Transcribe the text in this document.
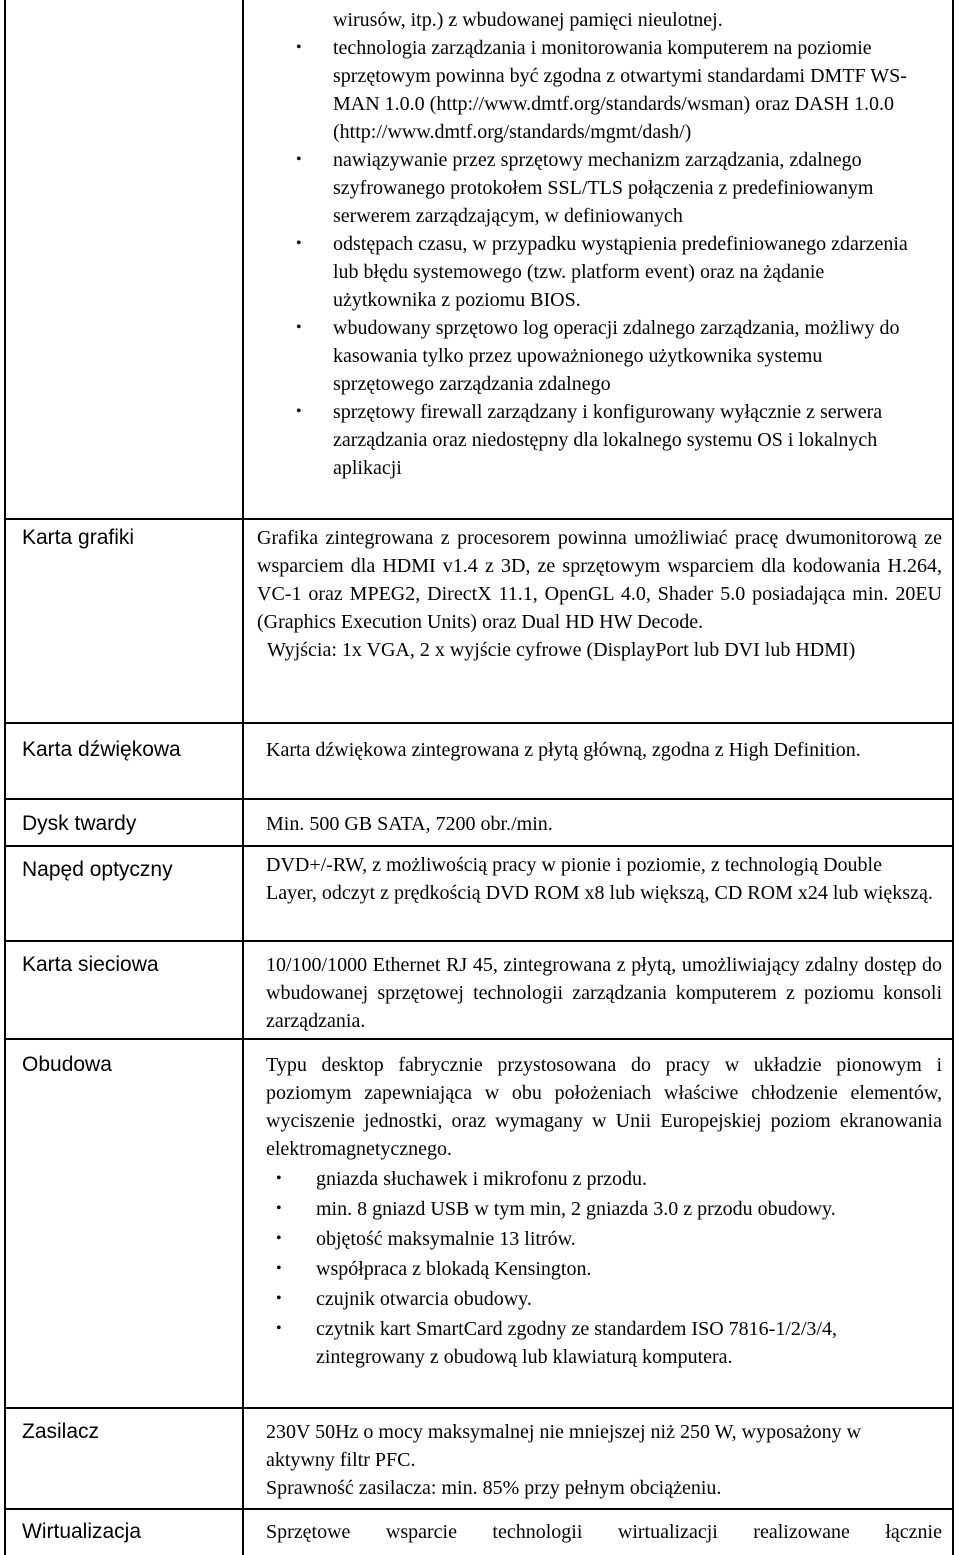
wirusów, itp.) z wbudowanej pamięci nieulotnej.

• technologia zarządzania i monitorowania komputerem na poziomie sprzętowym powinna być zgodna z otwartymi standardami DMTF WS-MAN 1.0.0 (http://www.dmtf.org/standards/wsman) oraz DASH 1.0.0 (http://www.dmtf.org/standards/mgmt/dash/)
• nawiązywanie przez sprzętowy mechanizm zarządzania, zdalnego szyfrowanego protokołem SSL/TLS połączenia z predefiniowanym serwerem zarządzającym, w definiowanych
• odstępach czasu, w przypadku wystąpienia predefiniowanego zdarzenia lub błędu systemowego (tzw. platform event) oraz na żądanie użytkownika z poziomu BIOS.
• wbudowany sprzętowo log operacji zdalnego zarządzania, możliwy do kasowania tylko przez upoważnionego użytkownika systemu sprzętowego zarządzania zdalnego
• sprzętowy firewall zarządzany i konfigurowany wyłącznie z serwera zarządzania oraz niedostępny dla lokalnego systemu OS i lokalnych aplikacji
Karta grafiki	Grafika zintegrowana z procesorem powinna umożliwiać pracę dwumonitorową ze wsparciem dla HDMI v1.4 z 3D, ze sprzętowym wsparciem dla kodowania H.264, VC-1 oraz MPEG2, DirectX 11.1, OpenGL 4.0, Shader 5.0 posiadająca min. 20EU (Graphics Execution Units) oraz Dual HD HW Decode.

Wyjścia: 1x VGA, 2 x wyjście cyfrowe (DisplayPort lub DVI lub HDMI)

Karta dźwiękowa	Karta dźwiękowa zintegrowana z płytą główną, zgodna z High Definition.

Dysk twardy	Min. 500 GB SATA, 7200 obr./min.

Napęd optyczny	DVD+/-RW, z możliwością pracy w pionie i poziomie, z technologią Double Layer, odczyt z prędkością DVD ROM x8 lub większą, CD ROM x24 lub większą.

Karta sieciowa	10/100/1000 Ethernet RJ 45, zintegrowana z płytą, umożliwiający zdalny dostęp do wbudowanej sprzętowej technologii zarządzania komputerem z poziomu konsoli zarządzania.

Obudowa	Typu desktop fabrycznie przystosowana do pracy w układzie pionowym i poziomym zapewniająca w obu położeniach właściwe chłodzenie elementów, wyciszenie jednostki, oraz wymagany w Unii Europejskiej poziom ekranowania elektromagnetycznego.

• gniazda słuchawek i mikrofonu z przodu.
• min. 8 gniazd USB w tym min, 2 gniazda 3.0 z przodu obudowy.
• objętość maksymalnie 13 litrów.
• współpraca z blokadą Kensington.
• czujnik otwarcia obudowy.
• czytnik kart SmartCard zgodny ze standardem ISO 7816-1/2/3/4, zintegrowany z obudową lub klawiaturą komputera.
Zasilacz	230V 50Hz o mocy maksymalnej nie mniejszej niż 250 W, wyposażony w aktywny filtr PFC.

Sprawność zasilacza: min. 85% przy pełnym obciążeniu.

Wirtualizacja	Sprzętowe wsparcie technologii wirtualizacji realizowane łącznie
